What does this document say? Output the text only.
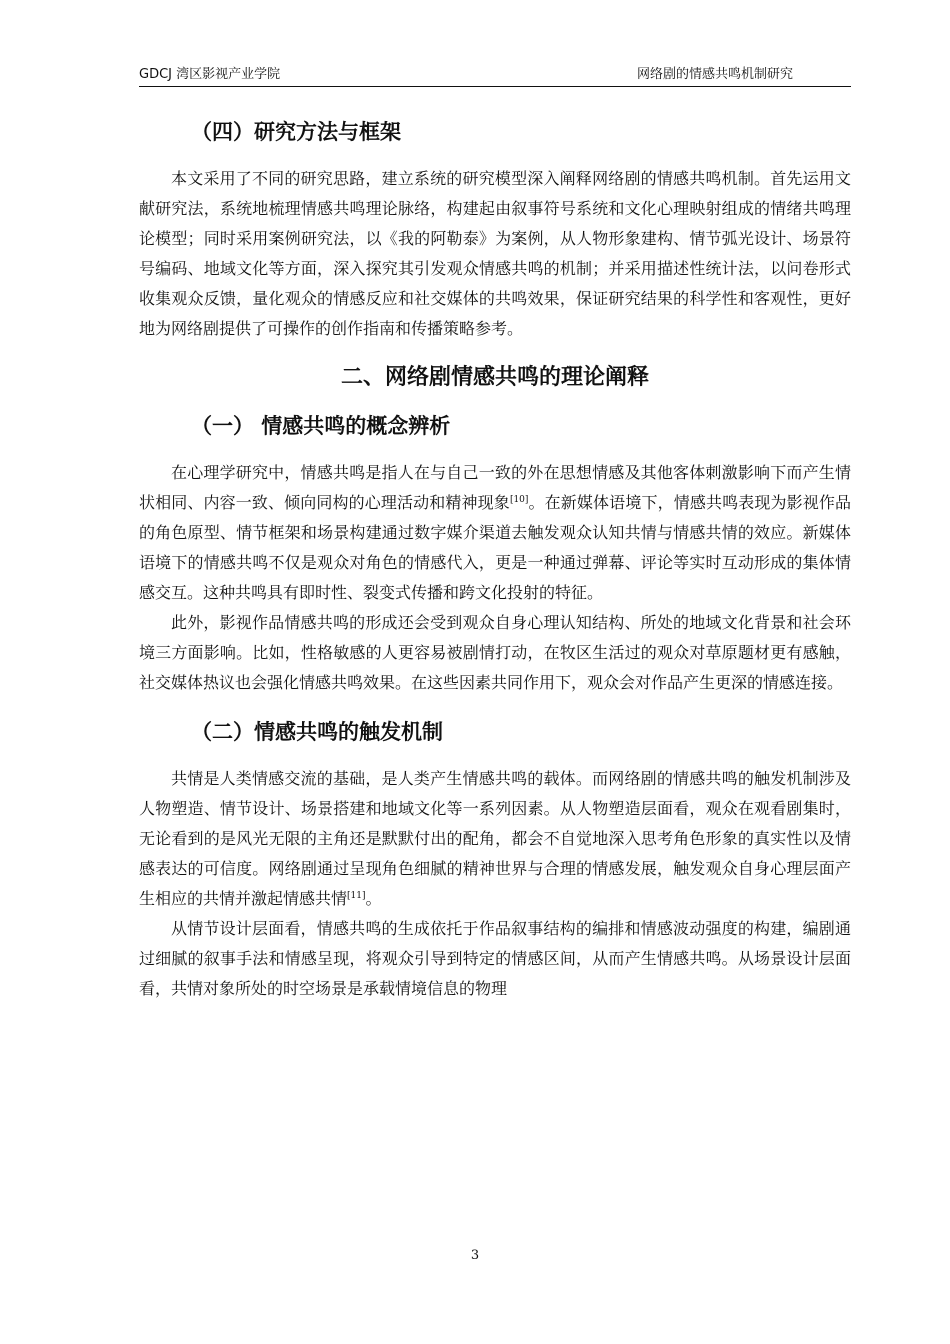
GDCJ 湾区影视产业学院	网络剧的情感共鸣机制研究
（四）研究方法与框架

本文采用了不同的研究思路，建立系统的研究模型深入阐释网络剧的情感共鸣机制。首先运用文献研究法，系统地梳理情感共鸣理论脉络，构建起由叙事符号系统和文化心理映射组成的情绪共鸣理论模型；同时采用案例研究法，以《我的阿勒泰》为案例，从人物形象建构、情节弧光设计、场景符号编码、地域文化等方面，深入探究其引发观众情感共鸣的机制；并采用描述性统计法，以问卷形式收集观众反馈，量化观众的情感反应和社交媒体的共鸣效果，保证研究结果的科学性和客观性，更好地为网络剧提供了可操作的创作指南和传播策略参考。

二、网络剧情感共鸣的理论阐释
（一） 情感共鸣的概念辨析

在心理学研究中，情感共鸣是指人在与自己一致的外在思想情感及其他客体刺激影响下而产生情状相同、内容一致、倾向同构的心理活动和精神现象[10]。在新媒体语境下，情感共鸣表现为影视作品的角色原型、情节框架和场景构建通过数字媒介渠道去触发观众认知共情与情感共情的效应。新媒体语境下的情感共鸣不仅是观众对角色的情感代入，更是一种通过弹幕、评论等实时互动形成的集体情感交互。这种共鸣具有即时性、裂变式传播和跨文化投射的特征。

此外，影视作品情感共鸣的形成还会受到观众自身心理认知结构、所处的地域文化背景和社会环境三方面影响。比如，性格敏感的人更容易被剧情打动，在牧区生活过的观众对草原题材更有感触，社交媒体热议也会强化情感共鸣效果。在这些因素共同作用下，观众会对作品产生更深的情感连接。

（二）情感共鸣的触发机制

共情是人类情感交流的基础，是人类产生情感共鸣的载体。而网络剧的情感共鸣的触发机制涉及人物塑造、情节设计、场景搭建和地域文化等一系列因素。从人物塑造层面看，观众在观看剧集时，无论看到的是风光无限的主角还是默默付出的配角，都会不自觉地深入思考角色形象的真实性以及情感表达的可信度。网络剧通过呈现角色细腻的精神世界与合理的情感发展，触发观众自身心理层面产生相应的共情并激起情感共情[11]。

从情节设计层面看，情感共鸣的生成依托于作品叙事结构的编排和情感波动强度的构建，编剧通过细腻的叙事手法和情感呈现，将观众引导到特定的情感区间，从而产生情感共鸣。从场景设计层面看，共情对象所处的时空场景是承载情境信息的物理

3
